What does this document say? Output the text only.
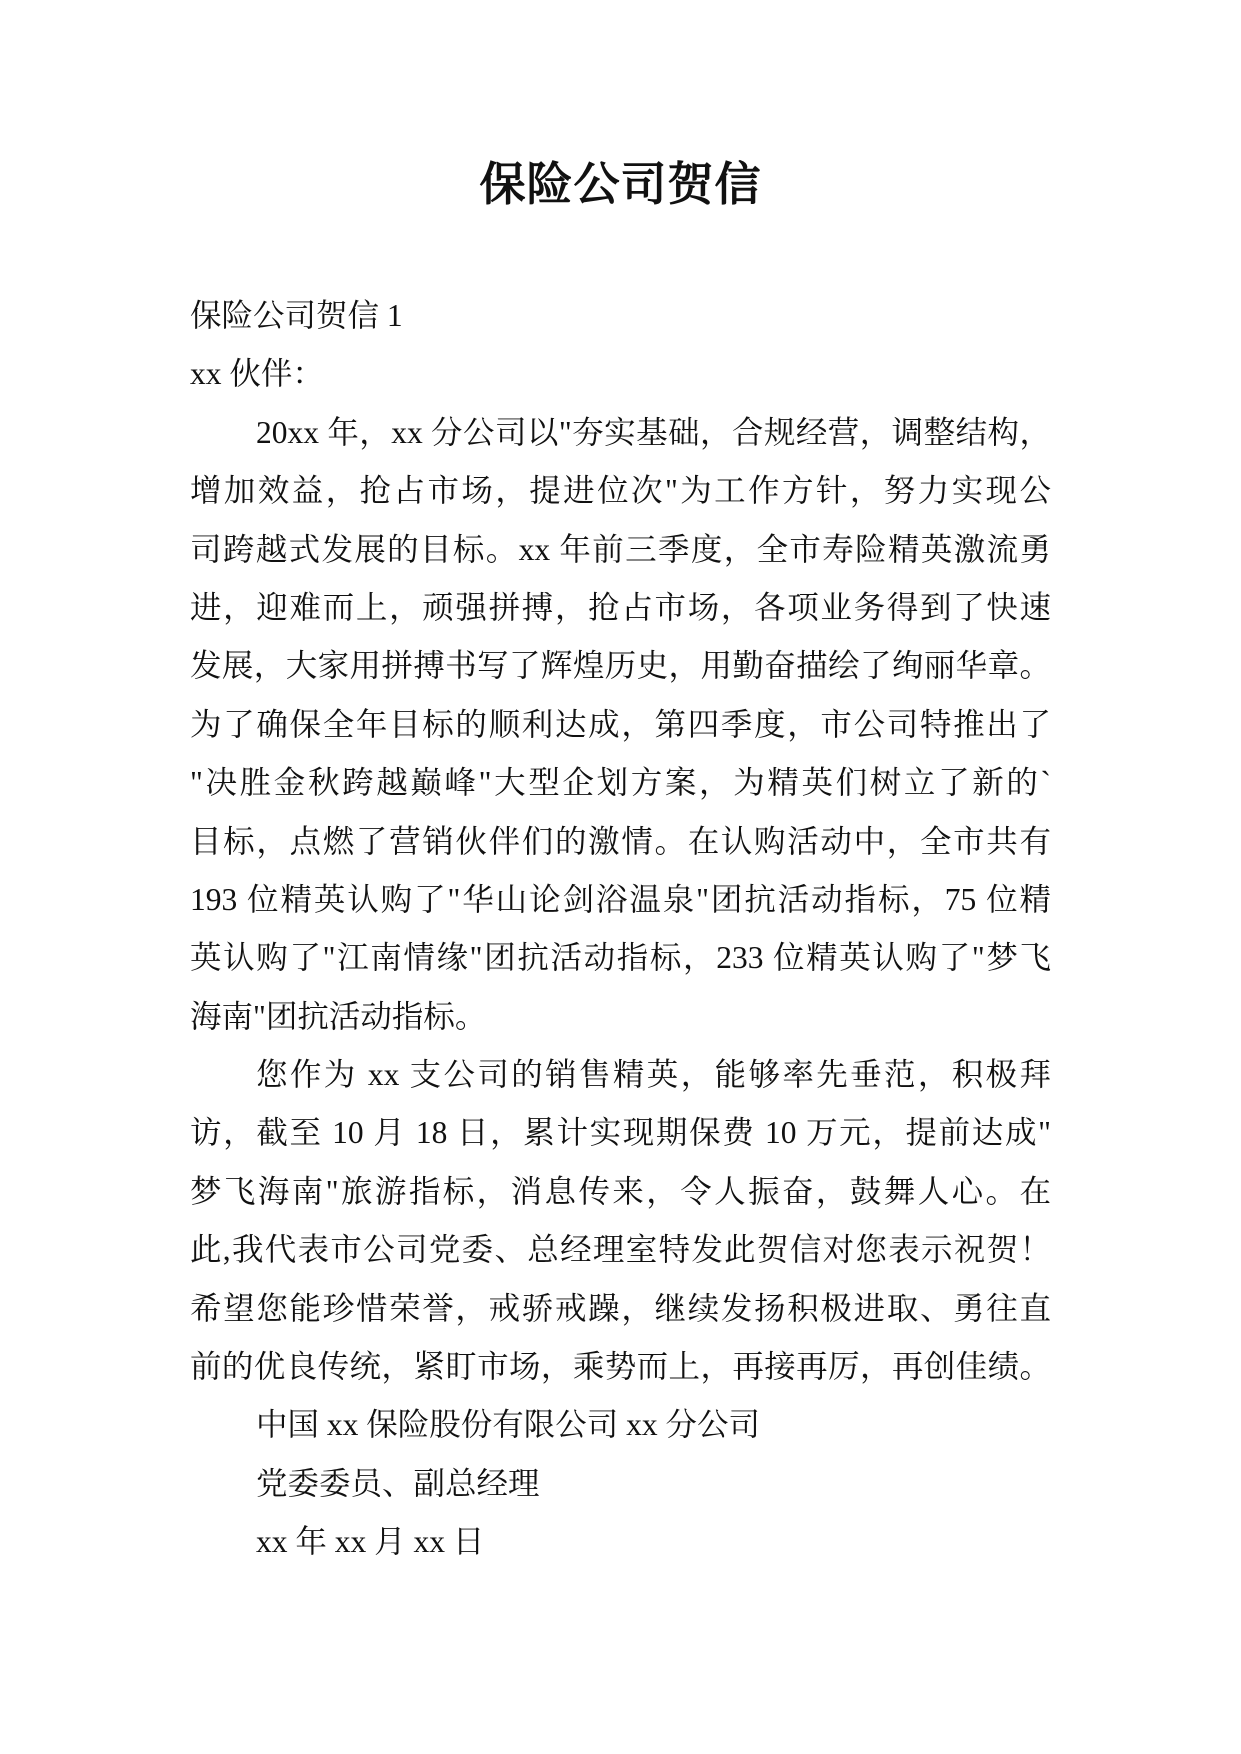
保险公司贺信
保险公司贺信 1
xx 伙伴：
20xx 年，xx 分公司以"夯实基础，合规经营，调整结构，
增加效益，抢占市场，提进位次"为工作方针，努力实现公
司跨越式发展的目标。xx 年前三季度，全市寿险精英激流勇
进，迎难而上，顽强拼搏，抢占市场，各项业务得到了快速
发展，大家用拼搏书写了辉煌历史，用勤奋描绘了绚丽华章。
为了确保全年目标的顺利达成，第四季度，市公司特推出了
"决胜金秋跨越巅峰"大型企划方案，为精英们树立了新的`
目标，点燃了营销伙伴们的激情。在认购活动中，全市共有
193 位精英认购了"华山论剑浴温泉"团抗活动指标，75 位精
英认购了"江南情缘"团抗活动指标，233 位精英认购了"梦飞
海南"团抗活动指标。
您作为 xx 支公司的销售精英，能够率先垂范，积极拜
访，截至 10 月 18 日，累计实现期保费 10 万元，提前达成"
梦飞海南"旅游指标，消息传来，令人振奋，鼓舞人心。在
此,我代表市公司党委、总经理室特发此贺信对您表示祝贺！
希望您能珍惜荣誉，戒骄戒躁，继续发扬积极进取、勇往直
前的优良传统，紧盯市场，乘势而上，再接再厉，再创佳绩。
中国 xx 保险股份有限公司 xx 分公司
党委委员、副总经理
xx 年 xx 月 xx 日
